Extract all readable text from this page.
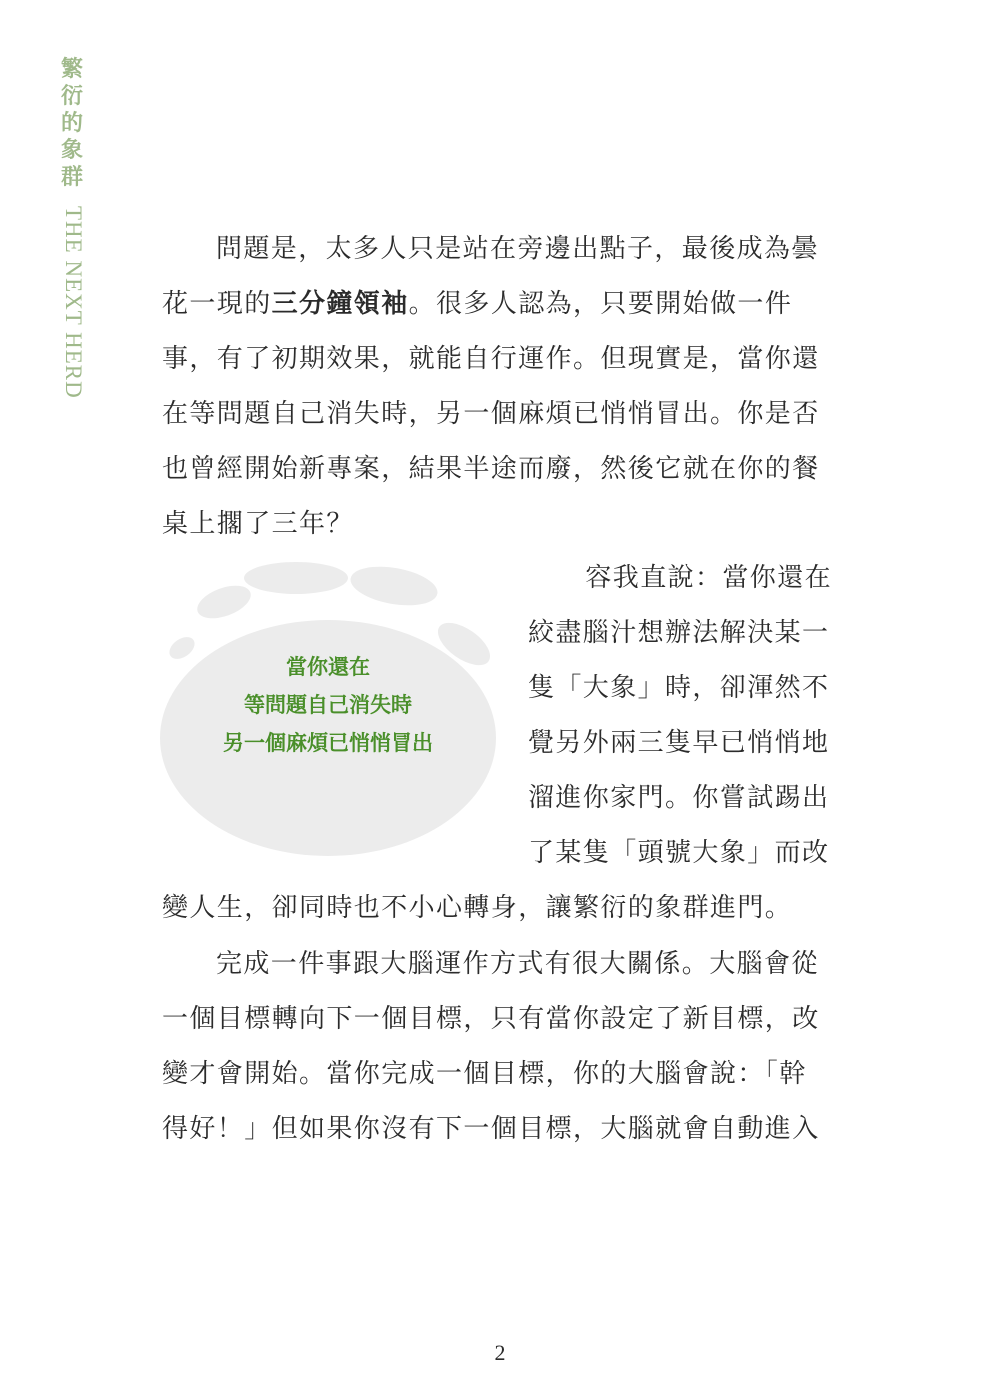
繁衍的象群
THE NEXT HERD	問題是，太多人只是站在旁邊出點子，最後成為曇
花一現的三分鐘領袖。很多人認為，只要開始做一件
事，有了初期效果，就能自行運作。但現實是，當你還
在等問題自己消失時，另一個麻煩已悄悄冒出。你是否
也曾經開始新專案，結果半途而廢，然後它就在你的餐
桌上擱了三年？
當你還在
等問題自己消失時
另一個麻煩已悄悄冒出
容我直說：當你還在
絞盡腦汁想辦法解決某一
隻「大象」時，卻渾然不
覺另外兩三隻早已悄悄地
溜進你家門。你嘗試踢出
了某隻「頭號大象」而改
變人生，卻同時也不小心轉身，讓繁衍的象群進門。
完成一件事跟大腦運作方式有很大關係。大腦會從
一個目標轉向下一個目標，只有當你設定了新目標，改
變才會開始。當你完成一個目標，你的大腦會說：「幹
得好！」但如果你沒有下一個目標，大腦就會自動進入
2
